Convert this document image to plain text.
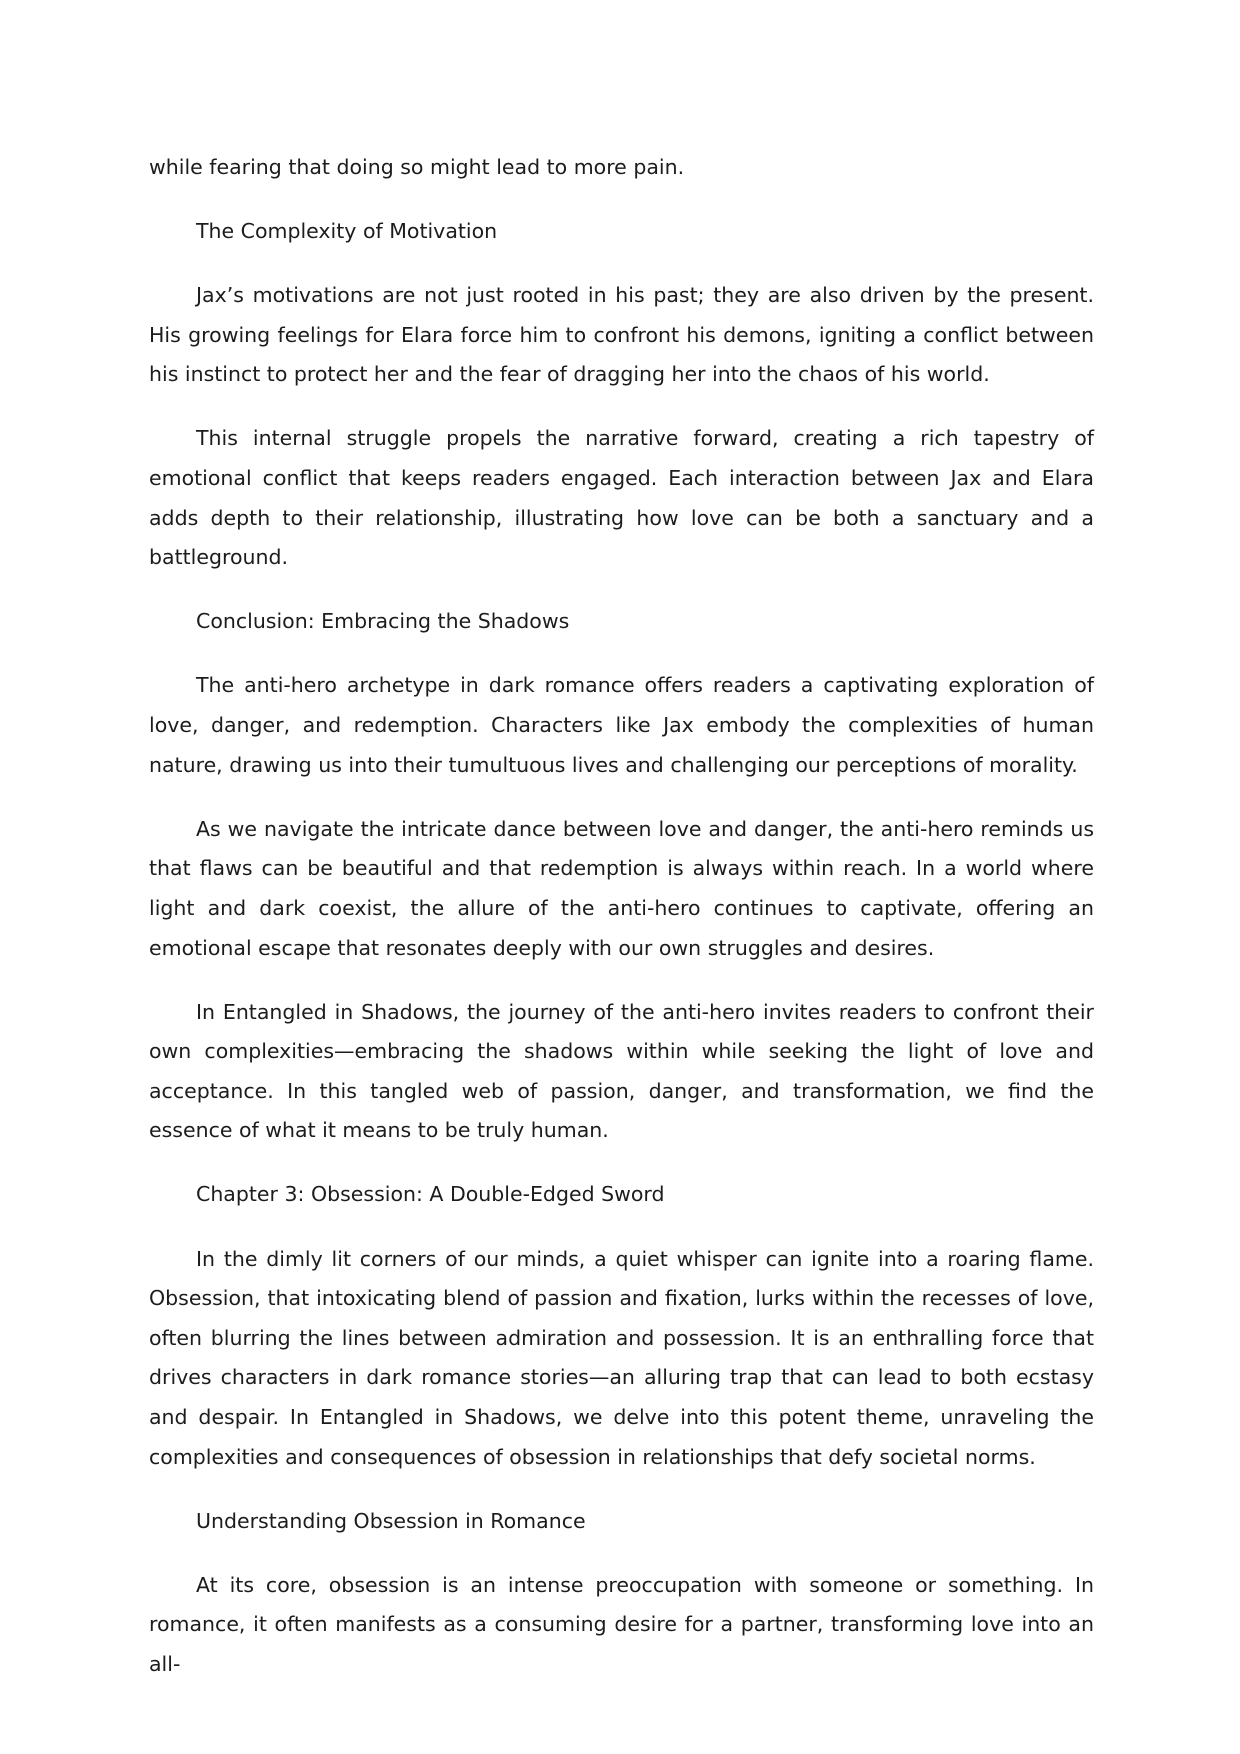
while fearing that doing so might lead to more pain.

The Complexity of Motivation

Jax’s motivations are not just rooted in his past; they are also driven by the present. His growing feelings for Elara force him to confront his demons, igniting a conflict between his instinct to protect her and the fear of dragging her into the chaos of his world.

This internal struggle propels the narrative forward, creating a rich tapestry of emotional conflict that keeps readers engaged. Each interaction between Jax and Elara adds depth to their relationship, illustrating how love can be both a sanctuary and a battleground.

Conclusion: Embracing the Shadows

The anti-hero archetype in dark romance offers readers a captivating exploration of love, danger, and redemption. Characters like Jax embody the complexities of human nature, drawing us into their tumultuous lives and challenging our perceptions of morality.

As we navigate the intricate dance between love and danger, the anti-hero reminds us that flaws can be beautiful and that redemption is always within reach. In a world where light and dark coexist, the allure of the anti-hero continues to captivate, offering an emotional escape that resonates deeply with our own struggles and desires.

In Entangled in Shadows, the journey of the anti-hero invites readers to confront their own complexities—embracing the shadows within while seeking the light of love and acceptance. In this tangled web of passion, danger, and transformation, we find the essence of what it means to be truly human.

Chapter 3: Obsession: A Double-Edged Sword

In the dimly lit corners of our minds, a quiet whisper can ignite into a roaring flame. Obsession, that intoxicating blend of passion and fixation, lurks within the recesses of love, often blurring the lines between admiration and possession. It is an enthralling force that drives characters in dark romance stories—an alluring trap that can lead to both ecstasy and despair. In Entangled in Shadows, we delve into this potent theme, unraveling the complexities and consequences of obsession in relationships that defy societal norms.

Understanding Obsession in Romance

At its core, obsession is an intense preoccupation with someone or something. In romance, it often manifests as a consuming desire for a partner, transforming love into an all-
